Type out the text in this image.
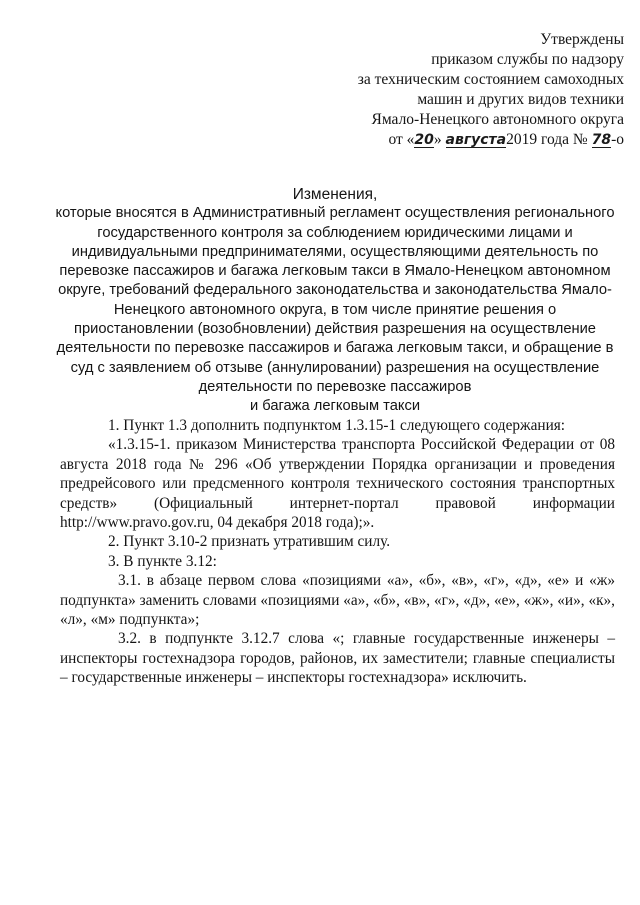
Утверждены
приказом службы по надзору
за техническим состоянием самоходных
машин и других видов техники
Ямало-Ненецкого автономного округа
от «20» августа2019 года № 78-о
Изменения,
которые вносятся в Административный регламент осуществления регионального
государственного контроля за соблюдением юридическими лицами и
индивидуальными предпринимателями, осуществляющими деятельность по
перевозке пассажиров и багажа легковым такси в Ямало-Ненецком автономном
округе, требований федерального законодательства и законодательства Ямало-
Ненецкого автономного округа, в том числе принятие решения о
приостановлении (возобновлении) действия разрешения на осуществление
деятельности по перевозке пассажиров и багажа легковым такси, и обращение в
суд с заявлением об отзыве (аннулировании) разрешения на осуществление
деятельности по перевозке пассажиров
и багажа легковым такси

1. Пункт 1.3 дополнить подпунктом 1.3.15-1 следующего содержания:

«1.3.15-1. приказом Министерства транспорта Российской Федерации от 08 августа 2018 года № 296 «Об утверждении Порядка организации и проведения предрейсового или предсменного контроля технического состояния транспортных средств» (Официальный интернет-портал правовой информации http://www.pravo.gov.ru, 04 декабря 2018 года);».

2. Пункт 3.10-2 признать утратившим силу.

3. В пункте 3.12:

3.1. в абзаце первом слова «позициями «а», «б», «в», «г», «д», «е» и «ж» подпункта» заменить словами «позициями «а», «б», «в», «г», «д», «е», «ж», «и», «к», «л», «м» подпункта»;

3.2. в подпункте 3.12.7 слова «; главные государственные инженеры – инспекторы гостехнадзора городов, районов, их заместители; главные специалисты – государственные инженеры – инспекторы гостехнадзора» исключить.
